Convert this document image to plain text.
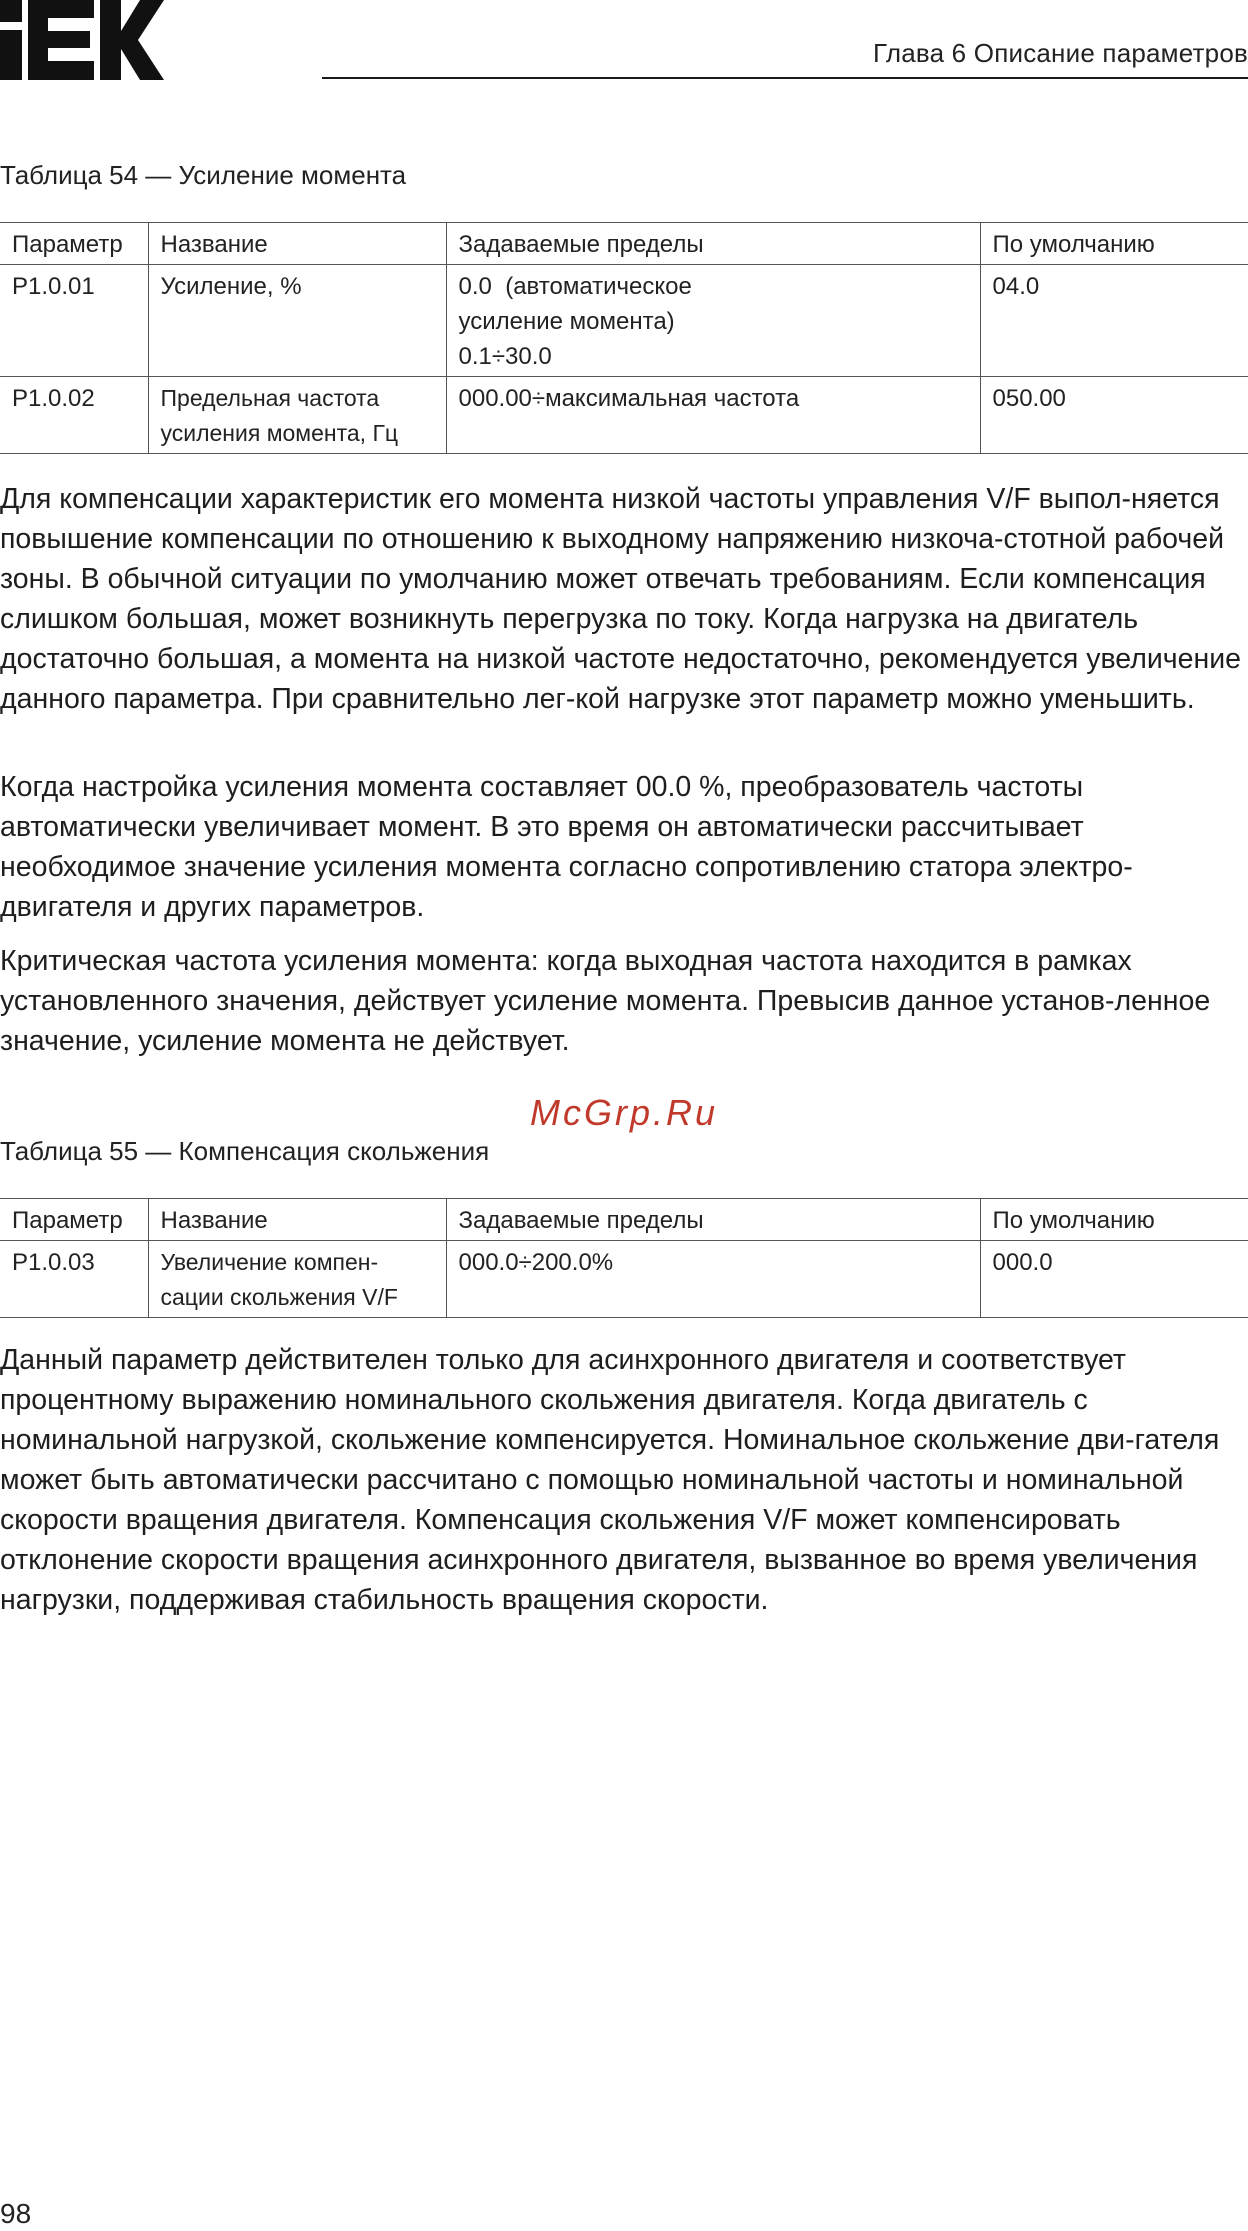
Глава 6 Описание параметров
Таблица 54 — Усиление момента
Параметр	Название	Задаваемые пределы	По умолчанию
P1.0.01	Усиление, %	0.0  (автоматическое
усиление момента)
0.1÷30.0	04.0
P1.0.02	Предельная частота
усиления момента, Гц	000.00÷максимальная частота	050.00

Для компенсации характеристик его момента низкой частоты управления V/F выпол-няется повышение компенсации по отношению к выходному напряжению низкоча-стотной рабочей зоны. В обычной ситуации по умолчанию может отвечать требованиям. Если компенсация слишком большая, может возникнуть перегрузка по току. Когда нагрузка на двигатель достаточно большая, а момента на низкой частоте недостаточно, рекомендуется увеличение данного параметра. При сравнительно лег-кой нагрузке этот параметр можно уменьшить.

Когда настройка усиления момента составляет 00.0 %, преобразователь частоты автоматически увеличивает момент. В это время он автоматически рассчитывает необходимое значение усиления момента согласно сопротивлению статора электро-двигателя и других параметров.

Критическая частота усиления момента: когда выходная частота находится в рамках установленного значения, действует усиление момента. Превысив данное установ-ленное значение, усиление момента не действует.

McGrp.Ru
Таблица 55 — Компенсация скольжения
Параметр	Название	Задаваемые пределы	По умолчанию
P1.0.03	Увеличение компен-
сации скольжения V/F	000.0÷200.0%	000.0

Данный параметр действителен только для асинхронного двигателя и соответствует процентному выражению номинального скольжения двигателя. Когда двигатель с номинальной нагрузкой, скольжение компенсируется. Номинальное скольжение дви-гателя может быть автоматически рассчитано с помощью номинальной частоты и номинальной скорости вращения двигателя. Компенсация скольжения V/F может компенсировать отклонение скорости вращения асинхронного двигателя, вызванное во время увеличения нагрузки, поддерживая стабильность вращения скорости.

98
